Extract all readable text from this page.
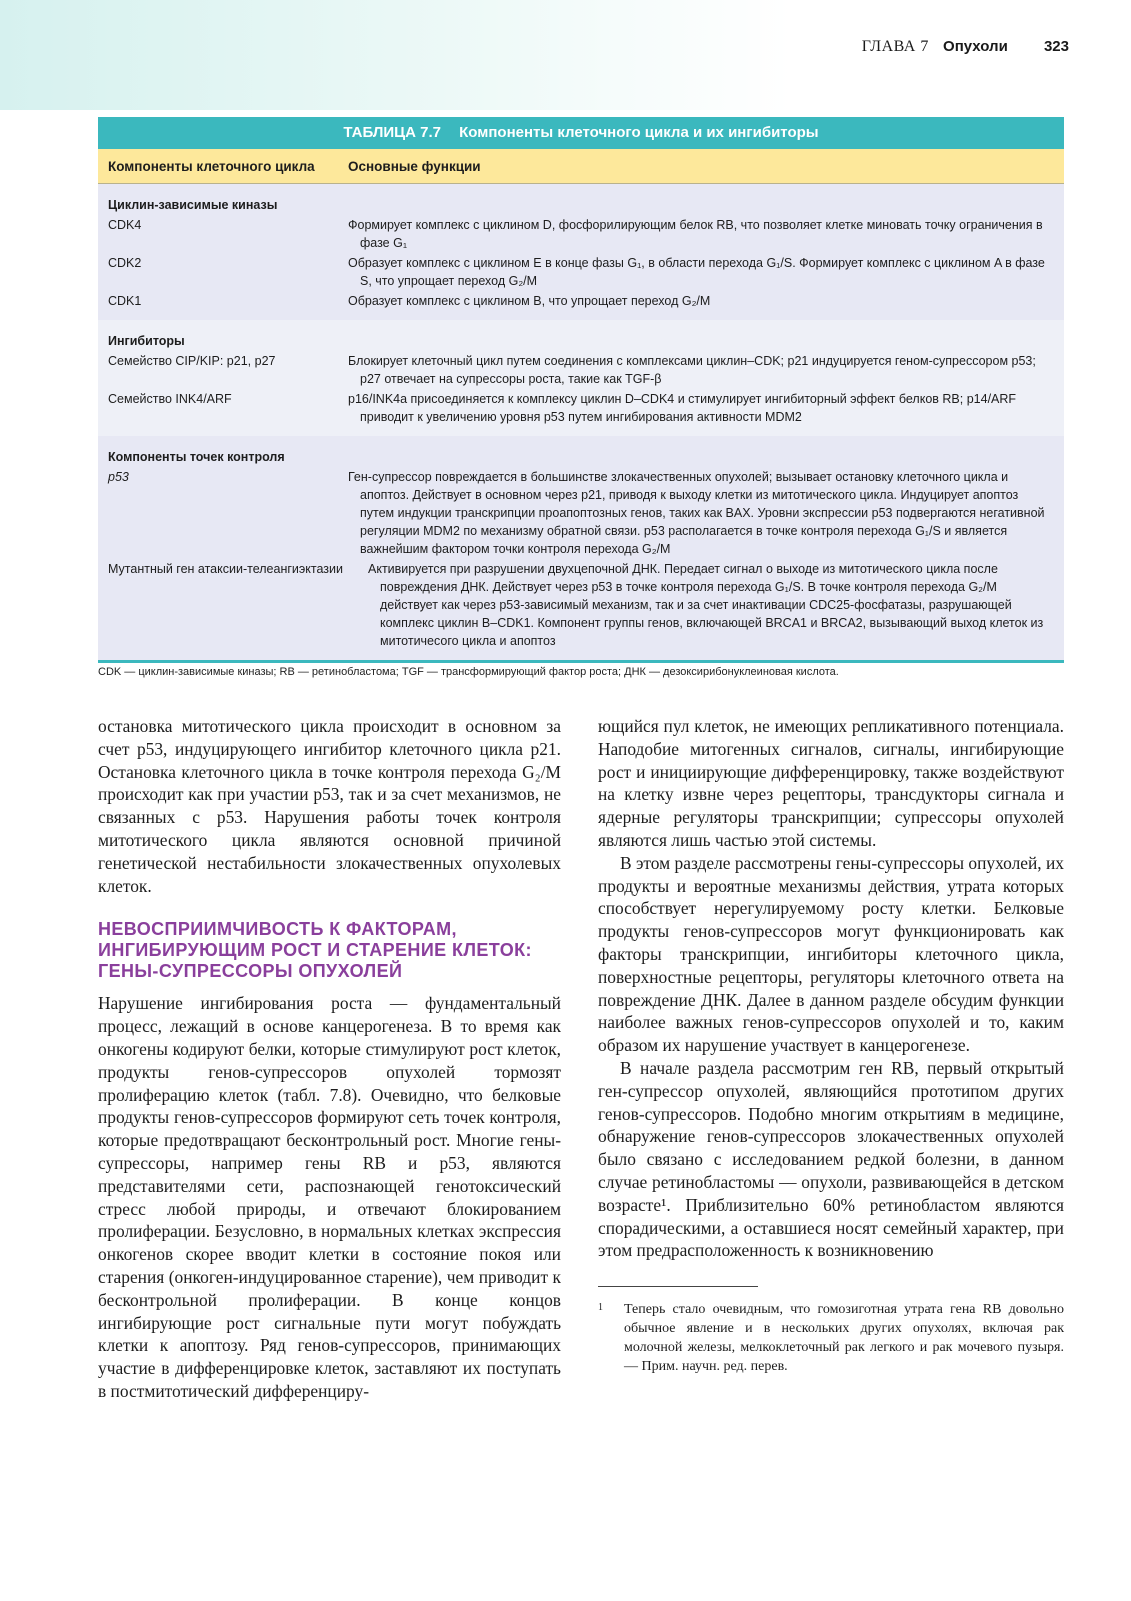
ГЛАВА 7 Опухоли 323
ТАБЛИЦА 7.7 Компоненты клеточного цикла и их ингибиторы
Компоненты клеточного цикла	Основные функции
Циклин-зависимые киназы
CDK4	Формирует комплекс с циклином D, фосфорилирующим белок RB, что позволяет клетке миновать точку ограничения в фазе G₁
CDK2	Образует комплекс с циклином E в конце фазы G₁, в области перехода G₁/S. Формирует комплекс с циклином A в фазе S, что упрощает переход G₂/M
CDK1	Образует комплекс с циклином B, что упрощает переход G₂/M
Ингибиторы
Семейство CIP/KIP: p21, p27	Блокирует клеточный цикл путем соединения с комплексами циклин–CDK; p21 индуцируется геном-супрессором p53; p27 отвечает на супрессоры роста, такие как TGF-β
Семейство INK4/ARF	p16/INK4a присоединяется к комплексу циклин D–CDK4 и стимулирует ингибиторный эффект белков RB; p14/ARF приводит к увеличению уровня p53 путем ингибирования активности MDM2
Компоненты точек контроля
p53	Ген-супрессор повреждается в большинстве злокачественных опухолей; вызывает остановку клеточного цикла и апоптоз. Действует в основном через p21, приводя к выходу клетки из митотического цикла. Индуцирует апоптоз путем индукции транскрипции проапоптозных генов, таких как BAX. Уровни экспрессии p53 подвергаются негативной регуляции MDM2 по механизму обратной связи. p53 располагается в точке контроля перехода G₁/S и является важнейшим фактором точки контроля перехода G₂/M
Мутантный ген атаксии-телеангиэктазии	Активируется при разрушении двухцепочной ДНК. Передает сигнал о выходе из митотического цикла после повреждения ДНК. Действует через p53 в точке контроля перехода G₁/S. В точке контроля перехода G₂/M действует как через p53-зависимый механизм, так и за счет инактивации CDC25-фосфатазы, разрушающей комплекс циклин B–CDK1. Компонент группы генов, включающей BRCA1 и BRCA2, вызывающий выход клеток из митотичесого цикла и апоптоз
CDK — циклин-зависимые киназы; RB — ретинобластома; TGF — трансформирующий фактор роста; ДНК — дезоксирибонуклеиновая кислота.

остановка митотического цикла происходит в основном за счет p53, индуцирующего ингибитор клеточного цикла p21. Остановка клеточного цикла в точке контроля перехода G₂/M происходит как при участии p53, так и за счет механизмов, не связанных с p53. Нарушения работы точек контроля митотического цикла являются основной причиной генетической нестабильности злокачественных опухолевых клеток.

НЕВОСПРИИМЧИВОСТЬ К ФАКТОРАМ, ИНГИБИРУЮЩИМ РОСТ И СТАРЕНИЕ КЛЕТОК: ГЕНЫ-СУПРЕССОРЫ ОПУХОЛЕЙ

Нарушение ингибирования роста — фундаментальный процесс, лежащий в основе канцерогенеза. В то время как онкогены кодируют белки, которые стимулируют рост клеток, продукты генов-супрессоров опухолей тормозят пролиферацию клеток (табл. 7.8). Очевидно, что белковые продукты генов-супрессоров формируют сеть точек контроля, которые предотвращают бесконтрольный рост. Многие гены-супрессоры, например гены RB и p53, являются представителями сети, распознающей генотоксический стресс любой природы, и отвечают блокированием пролиферации. Безусловно, в нормальных клетках экспрессия онкогенов скорее вводит клетки в состояние покоя или старения (онкоген-индуцированное старение), чем приводит к бесконтрольной пролиферации. В конце концов ингибирующие рост сигнальные пути могут побуждать клетки к апоптозу. Ряд генов-супрессоров, принимающих участие в дифференцировке клеток, заставляют их поступать в постмитотический дифференциру-

ющийся пул клеток, не имеющих репликативного потенциала. Наподобие митогенных сигналов, сигналы, ингибирующие рост и инициирующие дифференцировку, также воздействуют на клетку извне через рецепторы, трансдукторы сигнала и ядерные регуляторы транскрипции; супрессоры опухолей являются лишь частью этой системы.

В этом разделе рассмотрены гены-супрессоры опухолей, их продукты и вероятные механизмы действия, утрата которых способствует нерегулируемому росту клетки. Белковые продукты генов-супрессоров могут функционировать как факторы транскрипции, ингибиторы клеточного цикла, поверхностные рецепторы, регуляторы клеточного ответа на повреждение ДНК. Далее в данном разделе обсудим функции наиболее важных генов-супрессоров опухолей и то, каким образом их нарушение участвует в канцерогенезе.

В начале раздела рассмотрим ген RB, первый открытый ген-супрессор опухолей, являющийся прототипом других генов-супрессоров. Подобно многим открытиям в медицине, обнаружение генов-супрессоров злокачественных опухолей было связано с исследованием редкой болезни, в данном случае ретинобластомы — опухоли, развивающейся в детском возрасте¹. Приблизительно 60% ретинобластом являются спорадическими, а оставшиеся носят семейный характер, при этом предрасположенность к возникновению

1	Теперь стало очевидным, что гомозиготная утрата гена RB довольно обычное явление и в нескольких других опухолях, включая рак молочной железы, мелкоклеточный рак легкого и рак мочевого пузыря. — Прим. научн. ред. перев.
